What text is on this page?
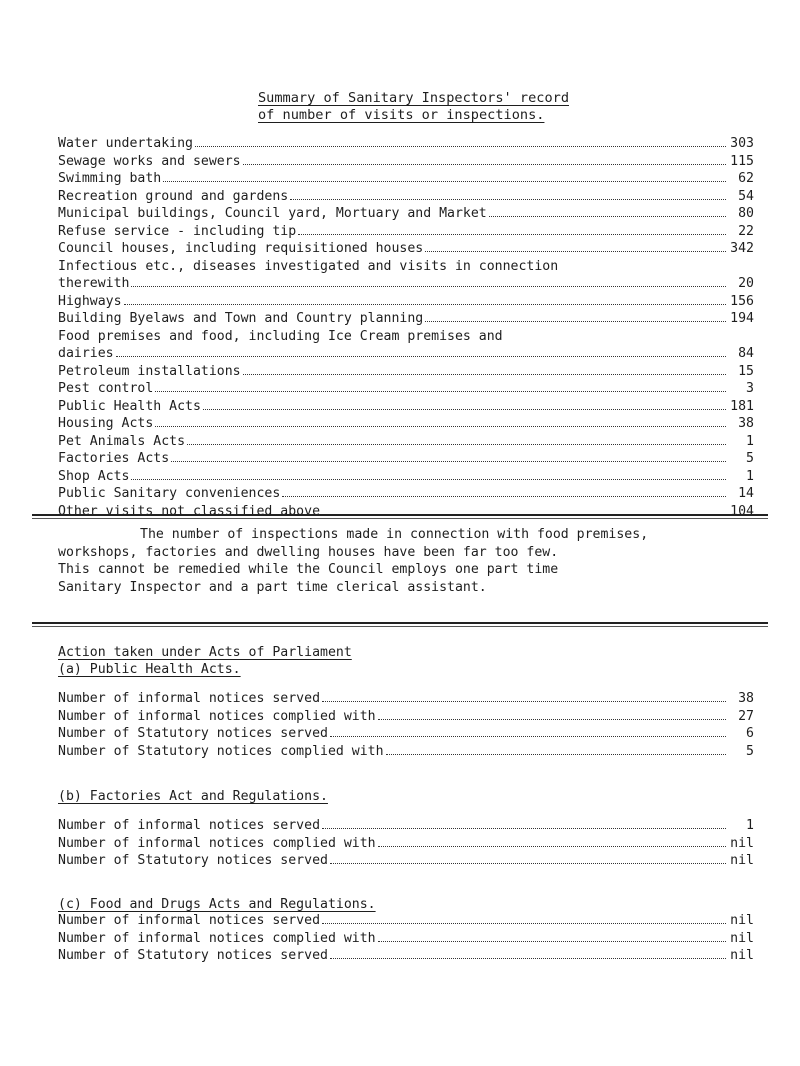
Summary of Sanitary Inspectors' record
of number of visits or inspections.
Water undertaking	303
Sewage works and sewers	115
Swimming bath	62
Recreation ground and gardens	54
Municipal buildings, Council yard, Mortuary and Market	80
Refuse service - including tip	22
Council houses, including requisitioned houses	342
Infectious etc., diseases investigated and visits in connection
therewith	20
Highways	156
Building Byelaws and Town and Country planning	194
Food premises and food, including Ice Cream premises and
dairies	84
Petroleum installations	15
Pest control	3
Public Health Acts	181
Housing Acts	38
Pet Animals Acts	1
Factories Acts	5
Shop Acts	1
Public Sanitary conveniences	14
Other visits not classified above	104
The number of inspections made in connection with food premises,
workshops, factories and dwelling houses have been far too few.
This cannot be remedied while the Council employs one part time
Sanitary Inspector and a part time clerical assistant.
Action taken under Acts of Parliament
(a) Public Health Acts.
Number of informal notices served	38
Number of informal notices complied with	27
Number of Statutory notices served	6
Number of Statutory notices complied with	5
(b) Factories Act and Regulations.
Number of informal notices served	1
Number of informal notices complied with	nil
Number of Statutory notices served	nil
(c) Food and Drugs Acts and Regulations.
Number of informal notices served	nil
Number of informal notices complied with	nil
Number of Statutory notices served	nil
